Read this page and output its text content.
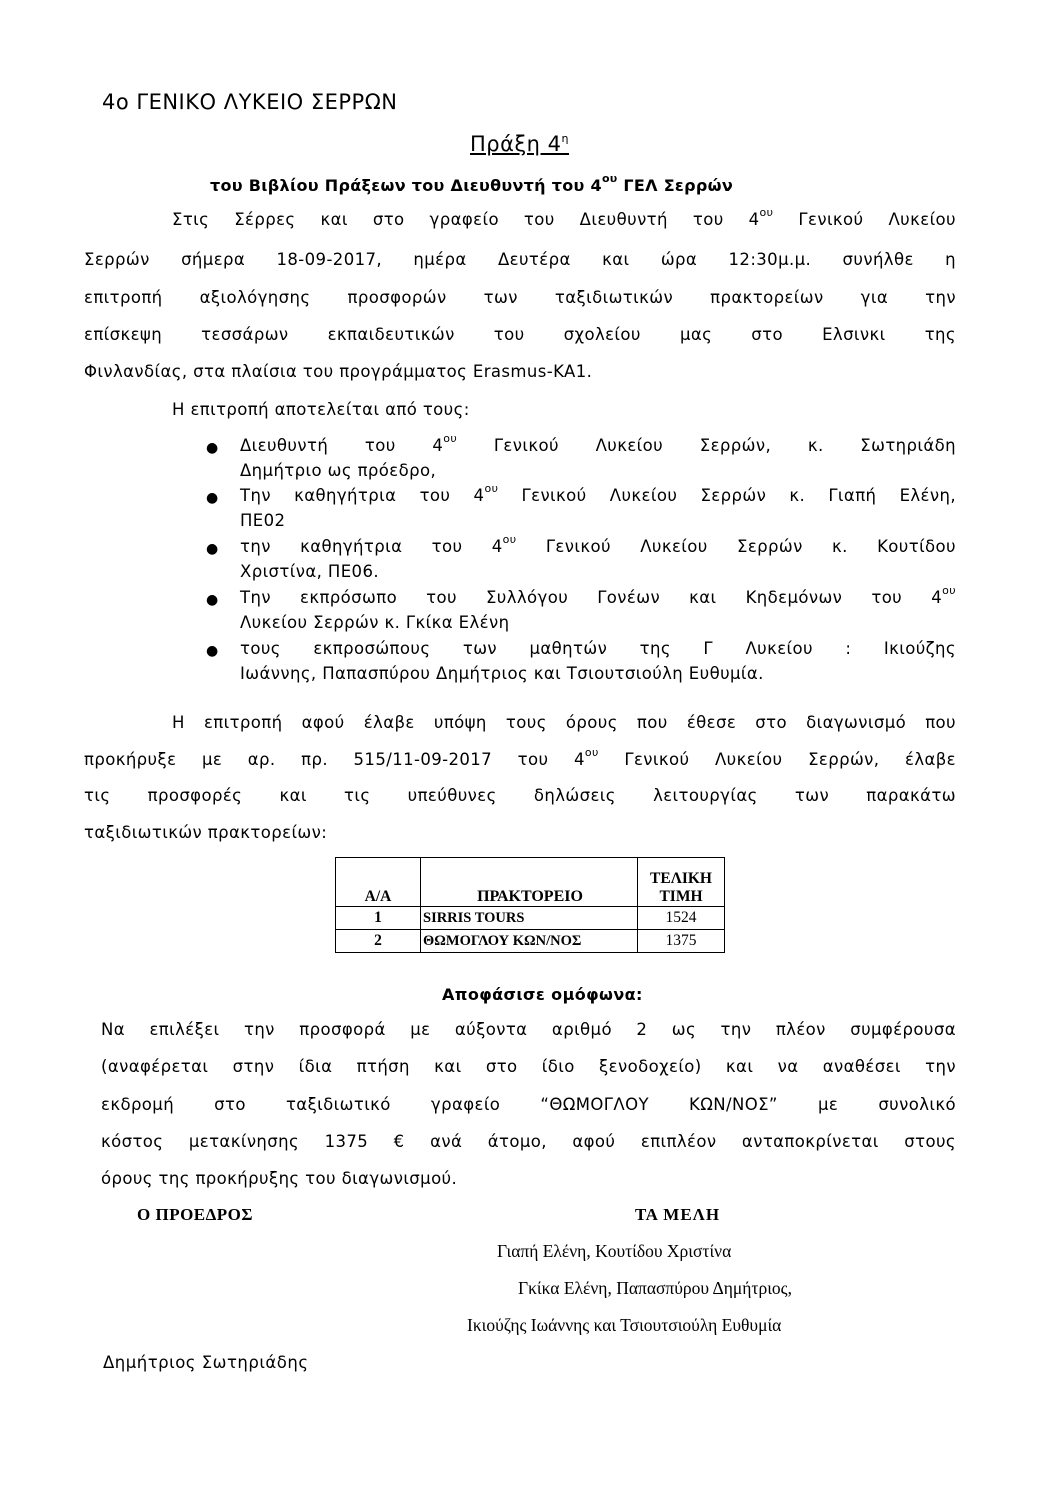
4ο ΓΕΝΙΚΟ ΛΥΚΕΙΟ ΣΕΡΡΩΝ
Πράξη $4^\eta$
του Βιβλίου Πράξεων του Διευθυντή του $4^{o\upsilon}$ ΓΕΛ Σερρών
Στις Σέρρες και στο γραφείο του Διευθυντή του $4^{o\upsilon}$ Γενικού Λυκείου
Σερρών σήμερα 18-09-2017, ημέρα Δευτέρα και ώρα 12:30μ.μ. συνήλθε η
επιτροπή αξιολόγησης προσφορών των ταξιδιωτικών πρακτορείων για την
επίσκεψη τεσσάρων εκπαιδευτικών του σχολείου μας στο Ελσινκι της
Φινλανδίας, στα πλαίσια του προγράμματος Erasmus-KA1.
Η επιτροπή αποτελείται από τους:
● Διευθυντή του $4^{o\upsilon}$ Γενικού Λυκείου Σερρών, κ. Σωτηριάδη
Δημήτριο ως πρόεδρο,
● Την καθηγήτρια του $4^{o\upsilon}$ Γενικού Λυκείου Σερρών κ. Γιαπή Ελένη,
ΠΕ02
● την καθηγήτρια του $4^{o\upsilon}$ Γενικού Λυκείου Σερρών κ. Κουτίδου
Χριστίνα, ΠΕ06.
● Την εκπρόσωπο του Συλλόγου Γονέων και Κηδεμόνων του $4^{o\upsilon}$
Λυκείου Σερρών κ. Γκίκα Ελένη
● τους εκπροσώπους των μαθητών της Γ Λυκείου : Ικιούζης
Ιωάννης, Παπασπύρου Δημήτριος και Τσιουτσιούλη Ευθυμία.
Η επιτροπή αφού έλαβε υπόψη τους όρους που έθεσε στο διαγωνισμό που
προκήρυξε με αρ. πρ. 515/11-09-2017 του $4^{o\upsilon}$ Γενικού Λυκείου Σερρών, έλαβε
τις προσφορές και τις υπεύθυνες δηλώσεις λειτουργίας των παρακάτω
ταξιδιωτικών πρακτορείων:
Α/Α	ΠΡΑΚΤΟΡΕΙΟ	ΤΕΛΙΚΗ ΤΙΜΗ
1	SIRRIS TOURS	1524
2	ΘΩΜΟΓΛΟΥ ΚΩΝ/ΝΟΣ	1375
Αποφάσισε ομόφωνα:
Να επιλέξει την προσφορά με αύξοντα αριθμό 2 ως την πλέον συμφέρουσα
(αναφέρεται στην ίδια πτήση και στο ίδιο ξενοδοχείο) και να αναθέσει την
εκδρομή στο ταξιδιωτικό γραφείο “ΘΩΜΟΓΛΟΥ ΚΩΝ/ΝΟΣ” με συνολικό
κόστος μετακίνησης 1375 € ανά άτομο, αφού επιπλέον ανταποκρίνεται στους
όρους της προκήρυξης του διαγωνισμού.
Ο ΠΡΟΕΔΡΟΣ	ΤΑ ΜΕΛΗ
Γιαπή Ελένη, Κουτίδου Χριστίνα
Γκίκα Ελένη, Παπασπύρου Δημήτριος,
Ικιούζης Ιωάννης και Τσιουτσιούλη Ευθυμία
Δημήτριος Σωτηριάδης
